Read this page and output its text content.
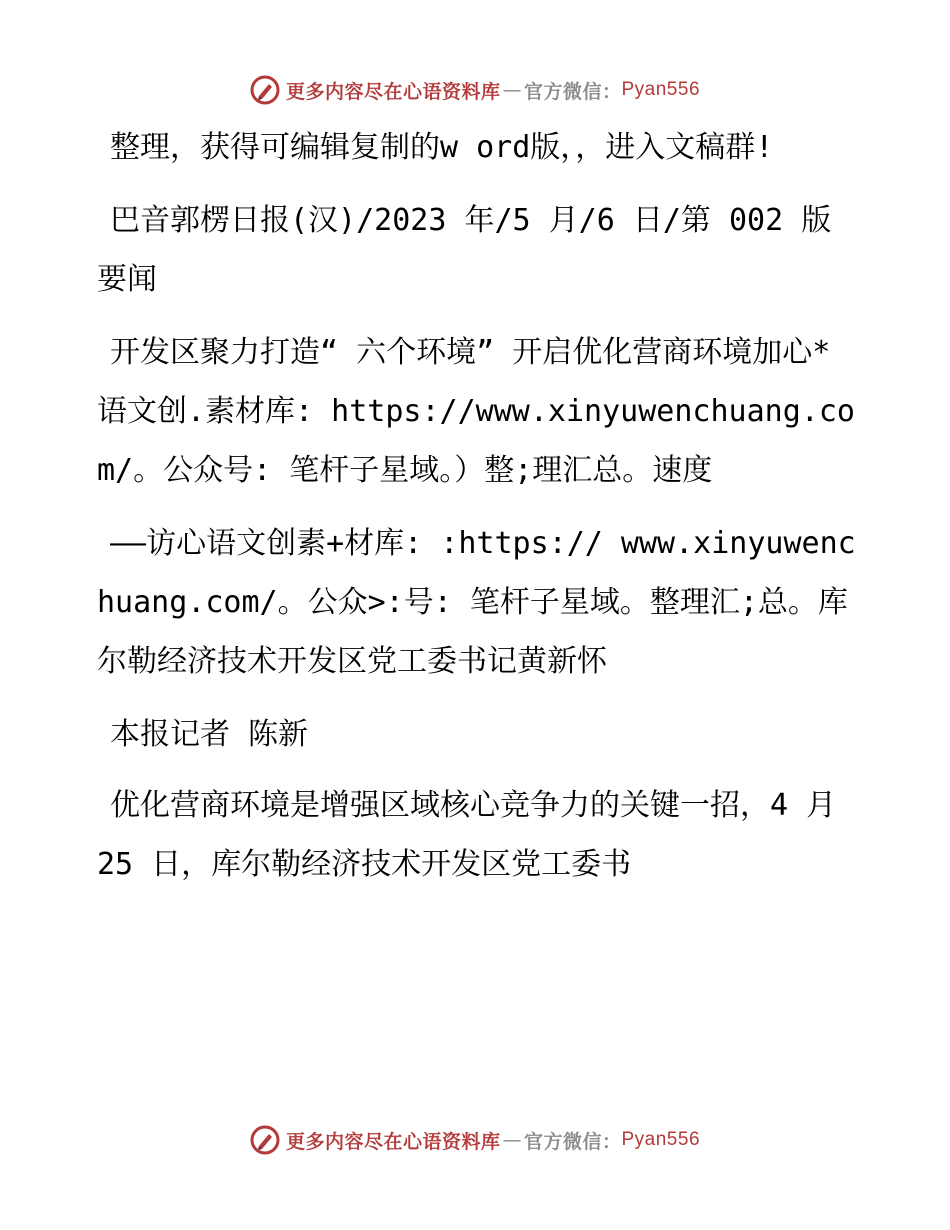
更多内容尽在心语资料库 — 官方微信： Pyan556

整理，获得可编辑复制的w ord版，，进入文稿群!

巴音郭楞日报(汉)/2023 年/5 月/6 日/第 002 版要闻

开发区聚力打造“ 六个环境” 开启优化营商环境加心*语文创.素材库: https://www.xinyuwenchuang.com/。公众号: 笔杆子星域。）整;理汇总。速度

——访心语文创素+材库: :https:// www.xinyuwenchuang.com/。公众>:号: 笔杆子星域。整理汇;总。库尔勒经济技术开发区党工委书记黄新怀

本报记者 陈新

优化营商环境是增强区域核心竞争力的关键一招，4 月 25 日，库尔勒经济技术开发区党工委书

更多内容尽在心语资料库 — 官方微信： Pyan556
